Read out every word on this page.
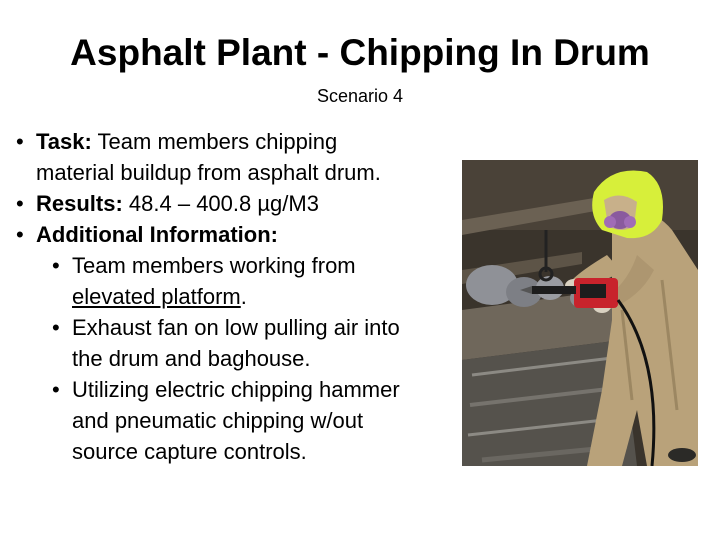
Asphalt Plant - Chipping In Drum
Scenario 4
• Task: Team members chipping
material buildup from asphalt drum.
• Results: 48.4 – 400.8 µg/M3
• Additional Information:
• Team members working from
elevated platform.
• Exhaust fan on low pulling air into
the drum and baghouse.
• Utilizing electric chipping hammer
and pneumatic chipping w/out
source capture controls.
